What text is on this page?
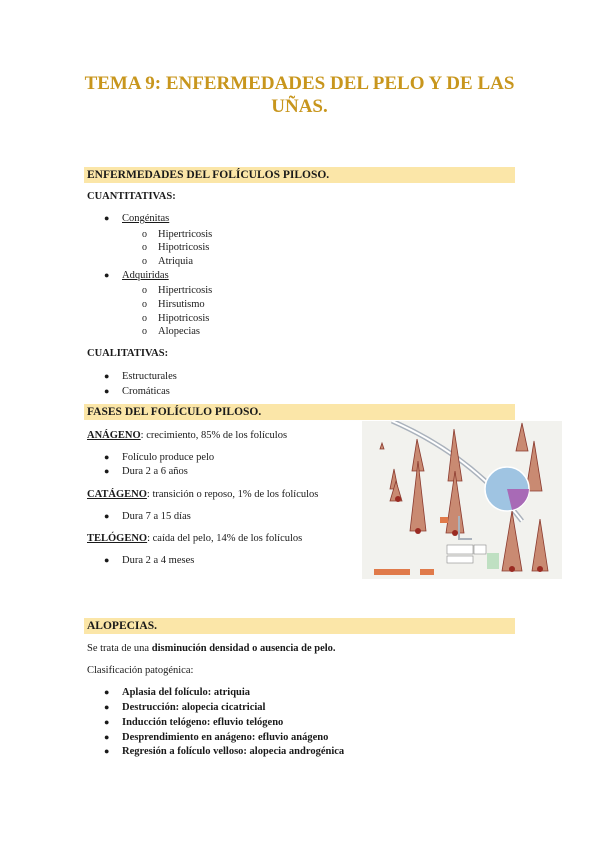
TEMA 9: ENFERMEDADES DEL PELO Y DE LAS UÑAS.
ENFERMEDADES DEL FOLÍCULOS PILOSO.
CUANTITATIVAS:
● Congénitas
o Hipertricosis
o Hipotricosis
o Atriquia
● Adquiridas
o Hipertricosis
o Hirsutismo
o Hipotricosis
o Alopecias
CUALITATIVAS:
● Estructurales
● Cromáticas
FASES DEL FOLÍCULO PILOSO.
ANÁGENO: crecimiento, 85% de los folículos
● Folículo produce pelo
● Dura 2 a 6 años
CATÁGENO: transición o reposo, 1% de los folículos
● Dura 7 a 15 días
TELÓGENO: caída del pelo, 14% de los folículos
● Dura 2 a 4 meses
ALOPECIAS.
Se trata de una disminución densidad o ausencia de pelo.
Clasificación patogénica:
● Aplasia del folículo: atriquia
● Destrucción: alopecia cicatricial
● Inducción telógeno: efluvio telógeno
● Desprendimiento en anágeno: efluvio anágeno
● Regresión a folículo velloso: alopecia androgénica
